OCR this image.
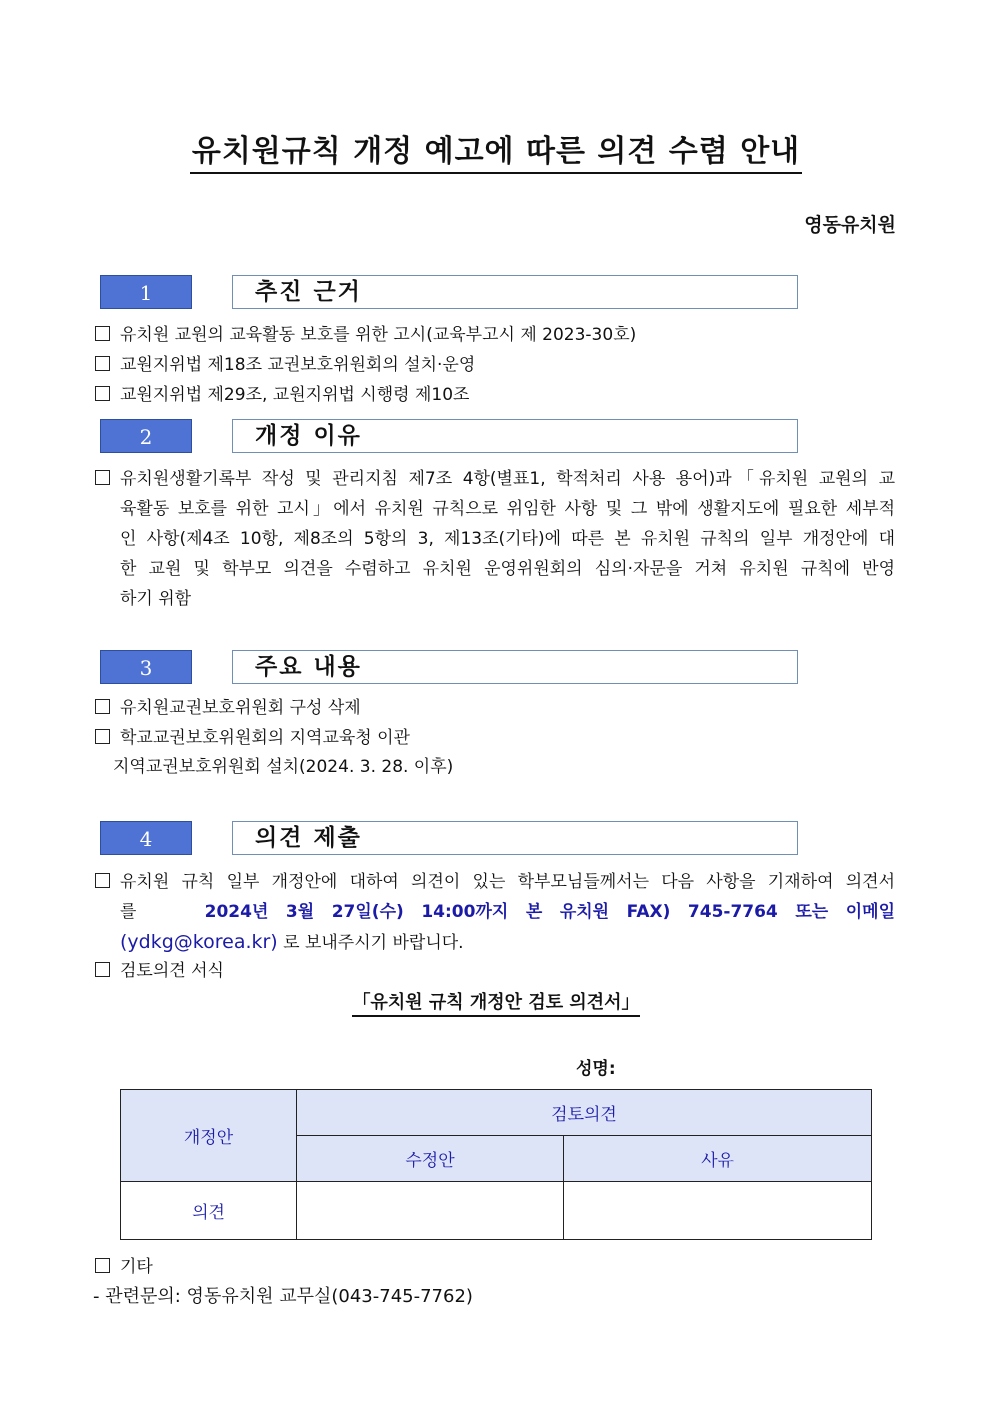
유치원규칙 개정 예고에 따른 의견 수렴 안내
영동유치원
1	추진 근거
유치원 교원의 교육활동 보호를 위한 고시(교육부고시 제 2023-30호)
교원지위법 제18조 교권보호위원회의 설치·운영
교원지위법 제29조, 교원지위법 시행령 제10조
2	개정 이유
유치원생활기록부 작성 및 관리지침 제7조 4항(별표1, 학적처리 사용 용어)과「유치원 교원의 교
육활동 보호를 위한 고시」에서 유치원 규칙으로 위임한 사항 및 그 밖에 생활지도에 필요한 세부적
인 사항(제4조 10항, 제8조의 5항의 3, 제13조(기타)에 따른 본 유치원 규칙의 일부 개정안에 대
한 교원 및 학부모 의견을 수렴하고 유치원 운영위원회의 심의·자문을 거쳐 유치원 규칙에 반영
하기 위함
3	주요 내용
유치원교권보호위원회 구성 삭제
학교교권보호위원회의 지역교육청 이관
지역교권보호위원회 설치(2024. 3. 28. 이후)
4	의견 제출
유치원 규칙 일부 개정안에 대하여 의견이 있는 학부모님들께서는 다음 사항을 기재하여 의견서
를	2024년 3월 27일(수) 14:00까지 본 유치원 FAX) 745-7764 또는 이메일
(ydkg@korea.kr) 로 보내주시기 바랍니다.
검토의견 서식
「유치원 규칙 개정안 검토 의견서」
성명:
개정안	검토의견	
	수정안	사유
의견		
기타
- 관련문의: 영동유치원 교무실(043-745-7762)
